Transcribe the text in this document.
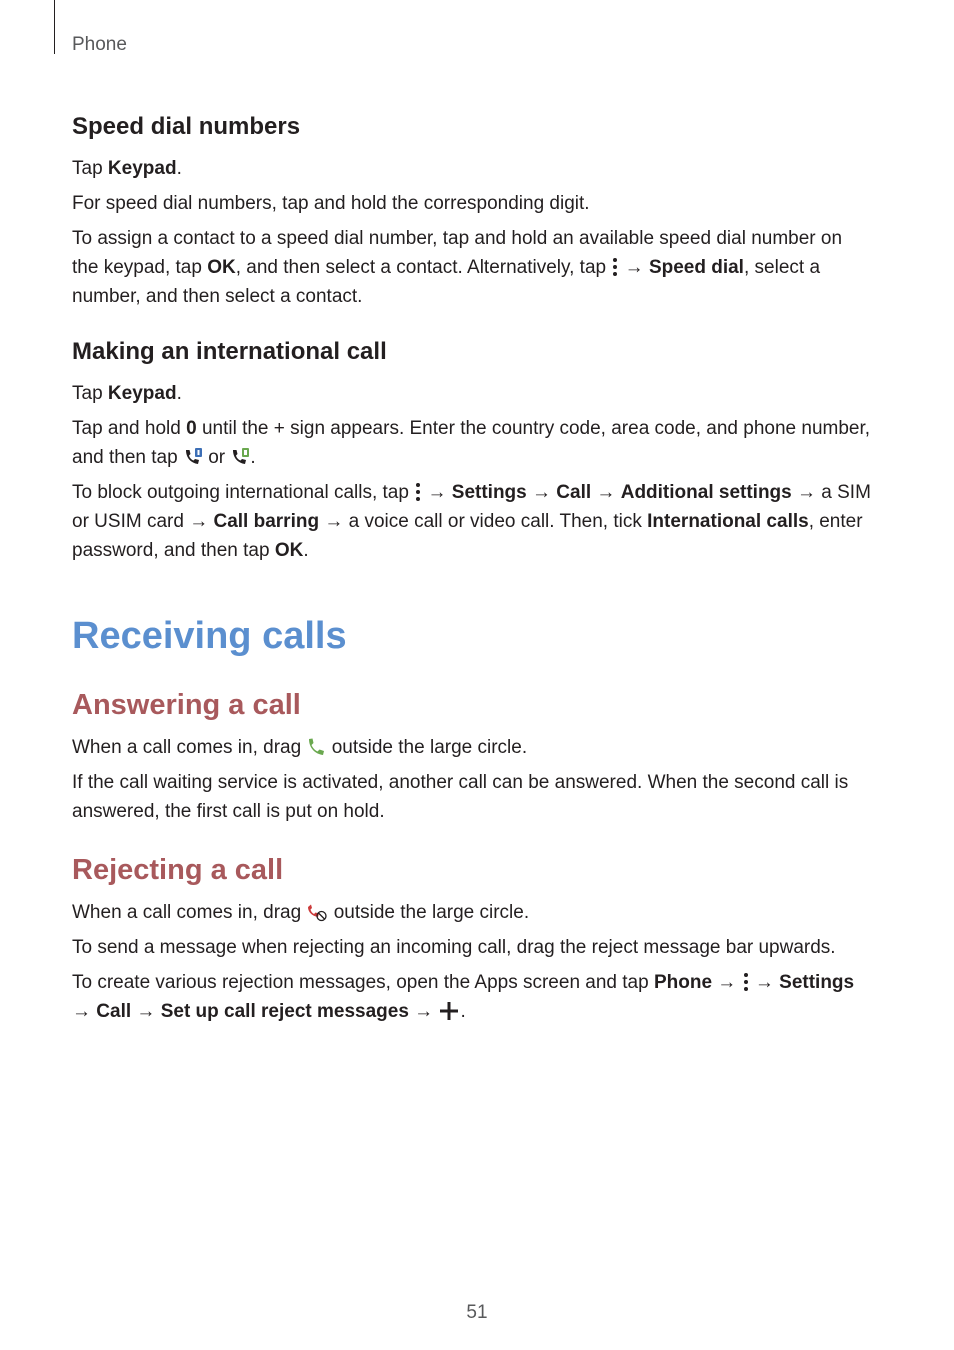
Phone
Speed dial numbers

Tap Keypad.

For speed dial numbers, tap and hold the corresponding digit.

To assign a contact to a speed dial number, tap and hold an available speed dial number on the keypad, tap OK, and then select a contact. Alternatively, tap  → Speed dial, select a number, and then select a contact.

Making an international call

Tap Keypad.

Tap and hold 0 until the + sign appears. Enter the country code, area code, and phone number, and then tap  or .

To block outgoing international calls, tap  → Settings → Call → Additional settings → a SIM or USIM card → Call barring → a voice call or video call. Then, tick International calls, enter password, and then tap OK.

Receiving calls
Answering a call

When a call comes in, drag  outside the large circle.

If the call waiting service is activated, another call can be answered. When the second call is answered, the first call is put on hold.

Rejecting a call

When a call comes in, drag  outside the large circle.

To send a message when rejecting an incoming call, drag the reject message bar upwards.

To create various rejection messages, open the Apps screen and tap Phone →  → Settings → Call → Set up call reject messages → .

51
